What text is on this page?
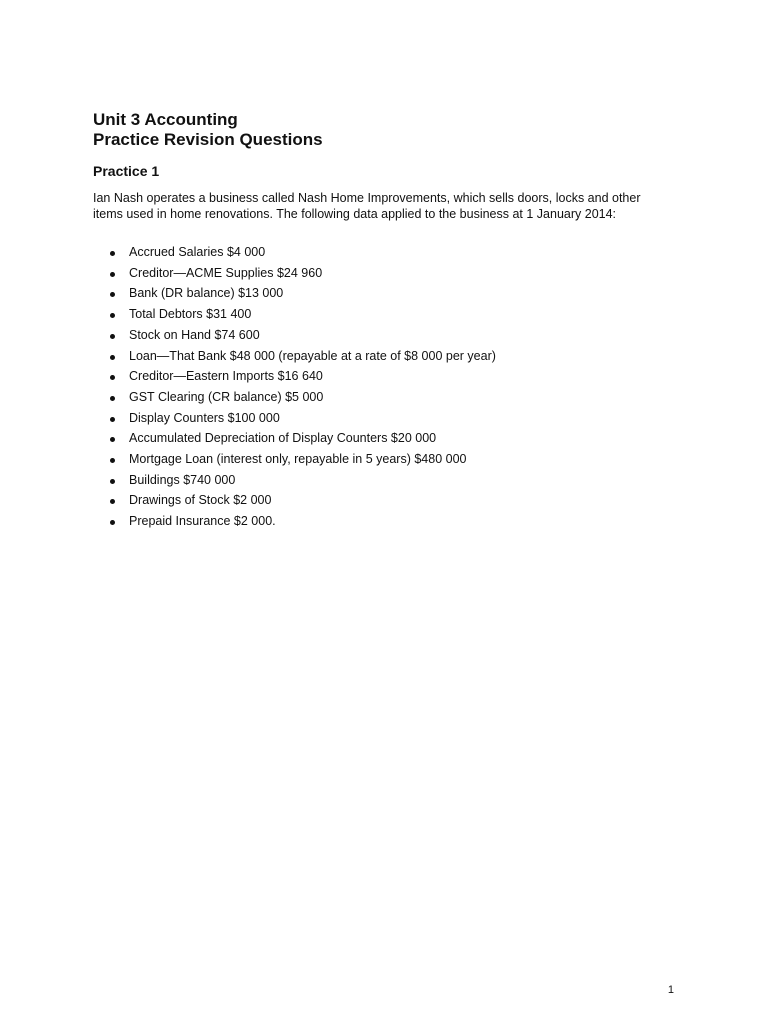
Unit 3 Accounting
Practice Revision Questions
Practice 1

Ian Nash operates a business called Nash Home Improvements, which sells doors, locks and other items used in home renovations. The following data applied to the business at 1 January 2014:

Accrued Salaries $4 000
Creditor—ACME Supplies $24 960
Bank (DR balance) $13 000
Total Debtors $31 400
Stock on Hand $74 600
Loan—That Bank $48 000 (repayable at a rate of $8 000 per year)
Creditor—Eastern Imports $16 640
GST Clearing (CR balance) $5 000
Display Counters $100 000
Accumulated Depreciation of Display Counters $20 000
Mortgage Loan (interest only, repayable in 5 years) $480 000
Buildings $740 000
Drawings of Stock $2 000
Prepaid Insurance $2 000.
1
